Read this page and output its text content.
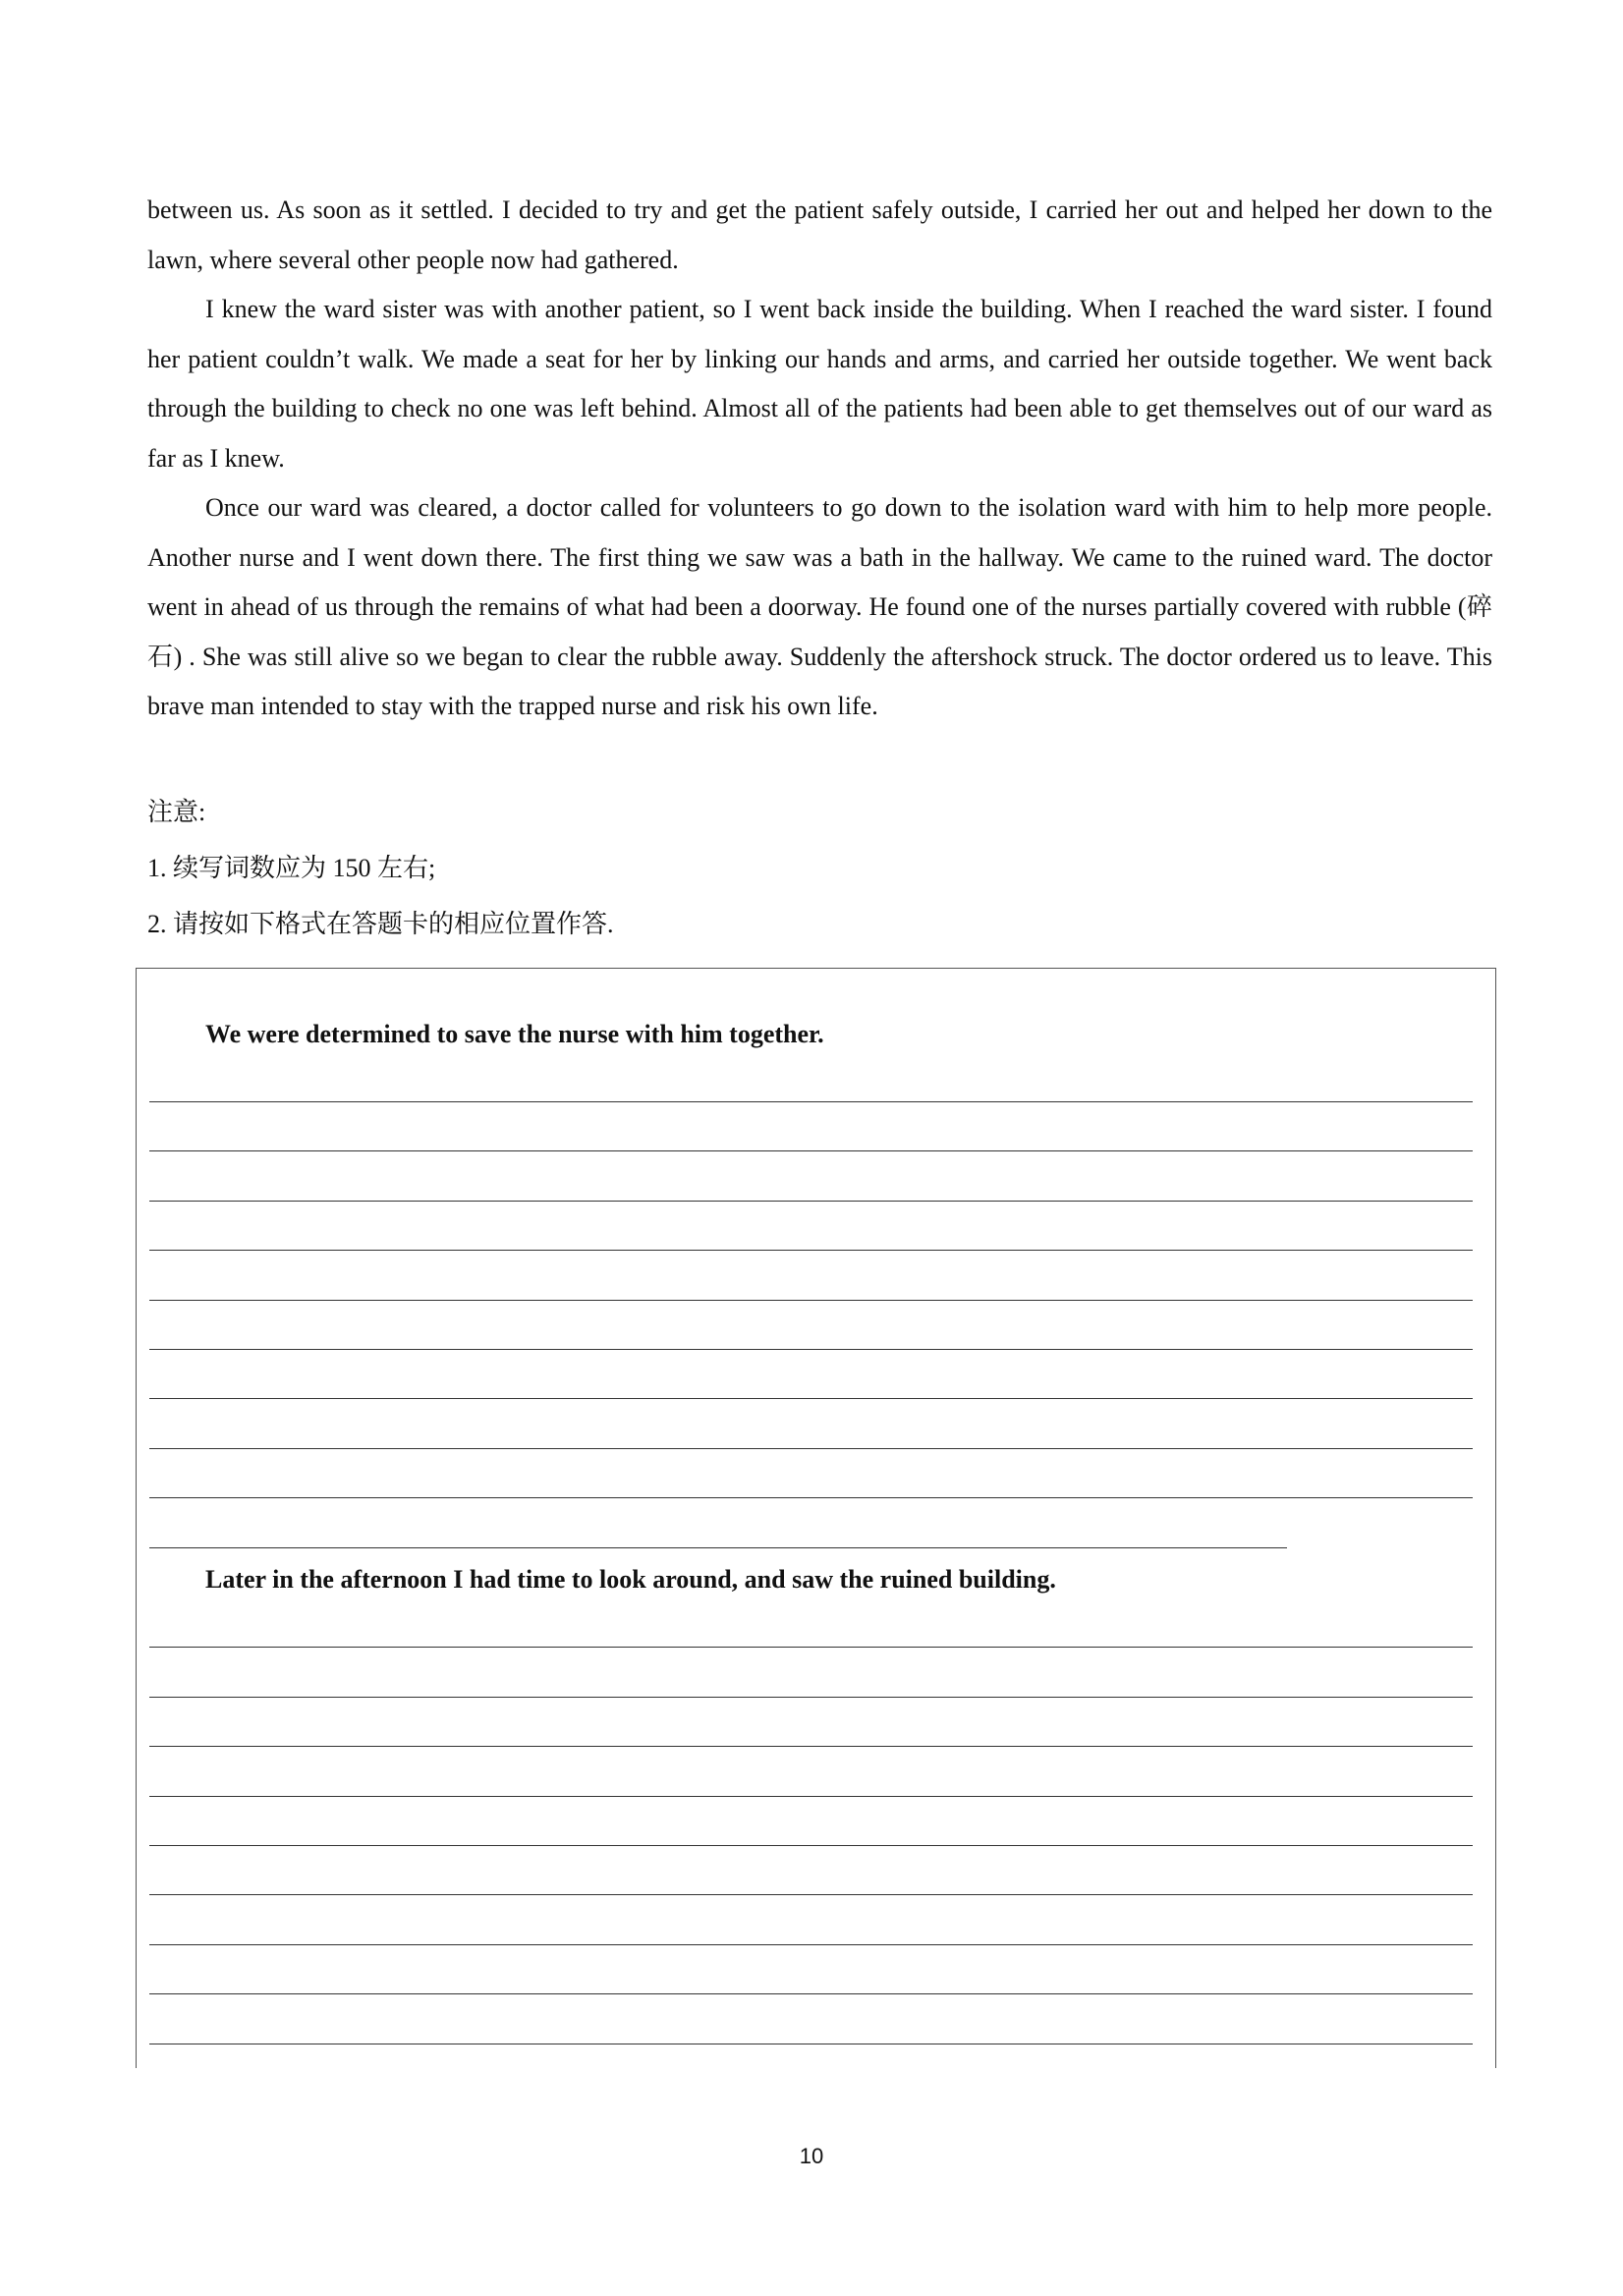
between us. As soon as it settled. I decided to try and get the patient safely outside, I carried her out and helped her down to the lawn, where several other people now had gathered.

I knew the ward sister was with another patient, so I went back inside the building. When I reached the ward sister. I found her patient couldn’t walk. We made a seat for her by linking our hands and arms, and carried her outside together. We went back through the building to check no one was left behind. Almost all of the patients had been able to get themselves out of our ward as far as I knew.

Once our ward was cleared, a doctor called for volunteers to go down to the isolation ward with him to help more people. Another nurse and I went down there. The first thing we saw was a bath in the hallway. We came to the ruined ward. The doctor went in ahead of us through the remains of what had been a doorway. He found one of the nurses partially covered with rubble (碎石) . She was still alive so we began to clear the rubble away. Suddenly the aftershock struck. The doctor ordered us to leave. This brave man intended to stay with the trapped nurse and risk his own life.

注意:
1. 续写词数应为 150 左右;
2. 请按如下格式在答题卡的相应位置作答.
We were determined to save the nurse with him together.
Later in the afternoon I had time to look around, and saw the ruined building.
10
